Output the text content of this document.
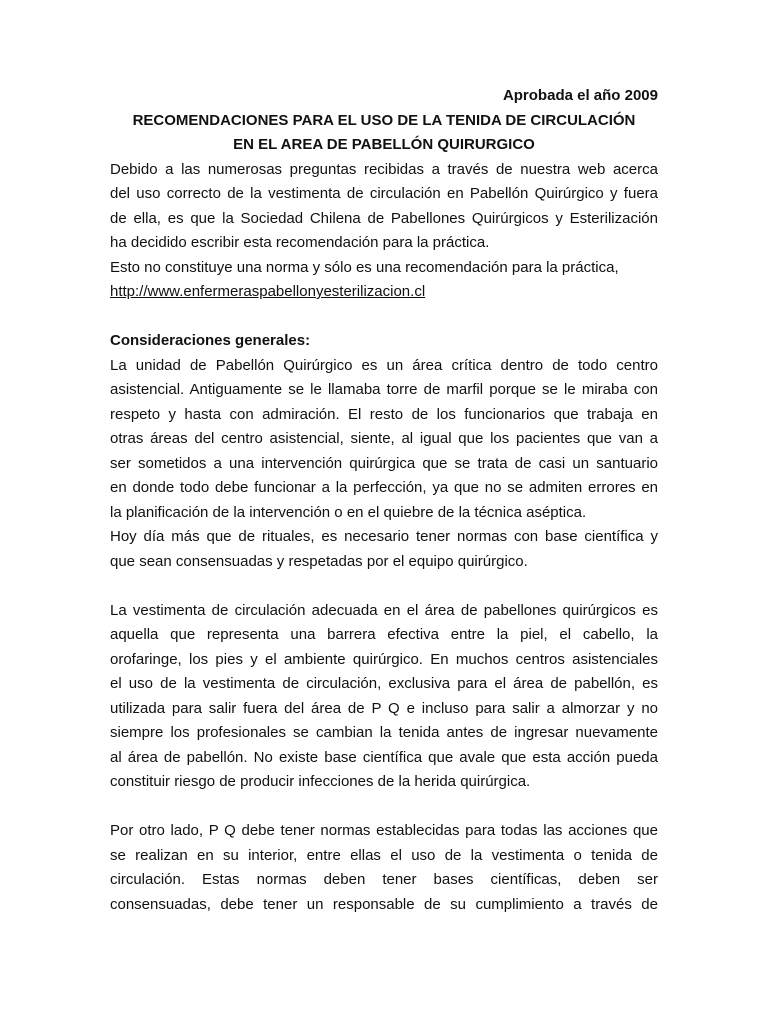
Aprobada el año 2009

RECOMENDACIONES PARA EL USO DE LA TENIDA DE CIRCULACIÓN
EN EL AREA DE PABELLÓN QUIRURGICO

Debido a las numerosas preguntas recibidas a través de nuestra web acerca
del uso correcto de la vestimenta de circulación en Pabellón Quirúrgico y fuera
de ella, es que la Sociedad Chilena de Pabellones Quirúrgicos y Esterilización
ha decidido escribir esta recomendación para la práctica.
Esto no constituye una norma y sólo es una recomendación para la práctica,
http://www.enfermeraspabellonyesterilizacion.cl

Consideraciones generales:

La unidad de Pabellón Quirúrgico es un área crítica dentro de todo centro
asistencial. Antiguamente se le llamaba torre de marfil porque se le miraba con
respeto y hasta con admiración. El resto de los funcionarios que trabaja en
otras áreas del centro asistencial, siente, al igual que los pacientes que van a
ser sometidos a una intervención quirúrgica que se trata de casi un santuario
en donde todo debe funcionar a la perfección, ya que no se admiten errores en
la planificación de la intervención o en el quiebre de la técnica aséptica.

Hoy día más que de rituales, es necesario tener normas con base científica y
que sean consensuadas y respetadas por el equipo quirúrgico.

La vestimenta de circulación adecuada en el área de pabellones quirúrgicos es
aquella que representa una barrera efectiva entre la piel, el cabello, la
orofaringe, los pies y el ambiente quirúrgico. En muchos centros asistenciales
el uso de la vestimenta de circulación, exclusiva para el área de pabellón, es
utilizada para salir fuera del área de P Q e incluso para salir a almorzar y no
siempre los profesionales se cambian la tenida antes de ingresar nuevamente
al área de pabellón. No existe base científica que avale que esta acción pueda
constituir riesgo de producir infecciones de la herida quirúrgica.

Por otro lado, P Q debe tener normas establecidas para todas las acciones que
se realizan en su interior, entre ellas el uso de la vestimenta o tenida de
circulación. Estas normas deben tener bases científicas, deben ser
consensuadas, debe tener un responsable de su cumplimiento a través de
